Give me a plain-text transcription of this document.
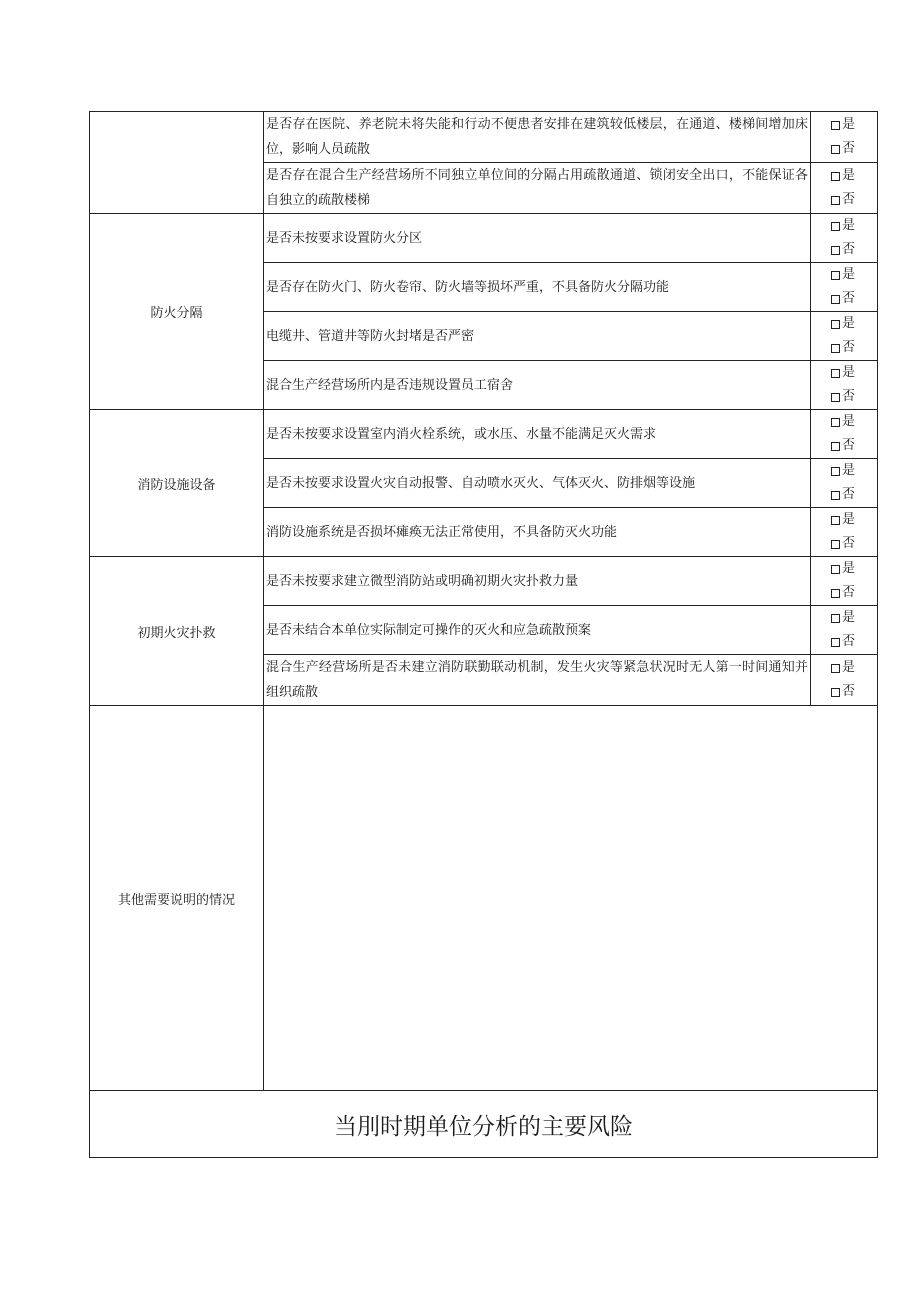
	是否存在医院、养老院未将失能和行动不便患者安排在建筑较低楼层，在通道、楼梯间增加床位，影响人员疏散	是
否

	是否存在混合生产经营场所不同独立单位间的分隔占用疏散通道、锁闭安全出口，不能保证各自独立的疏散楼梯	是
否

防火分隔	是否未按要求设置防火分区	是
否

	是否存在防火门、防火卷帘、防火墙等损坏严重，不具备防火分隔功能	是
否

	电缆井、管道井等防火封堵是否严密	是
否

	混合生产经营场所内是否违规设置员工宿舍	是
否

消防设施设备	是否未按要求设置室内消火栓系统，或水压、水量不能满足灭火需求	是
否

	是否未按要求设置火灾自动报警、自动喷水灭火、气体灭火、防排烟等设施	是
否

	消防设施系统是否损坏瘫痪无法正常使用，不具备防灭火功能	是
否

初期火灾扑救	是否未按要求建立微型消防站或明确初期火灾扑救力量	是
否

	是否未结合本单位实际制定可操作的灭火和应急疏散预案	是
否

	混合生产经营场所是否未建立消防联勤联动机制，发生火灾等紧急状况时无人第一时间通知并组织疏散	是
否

其他需要说明的情况		
当刖时期单位分析的主要风险		
